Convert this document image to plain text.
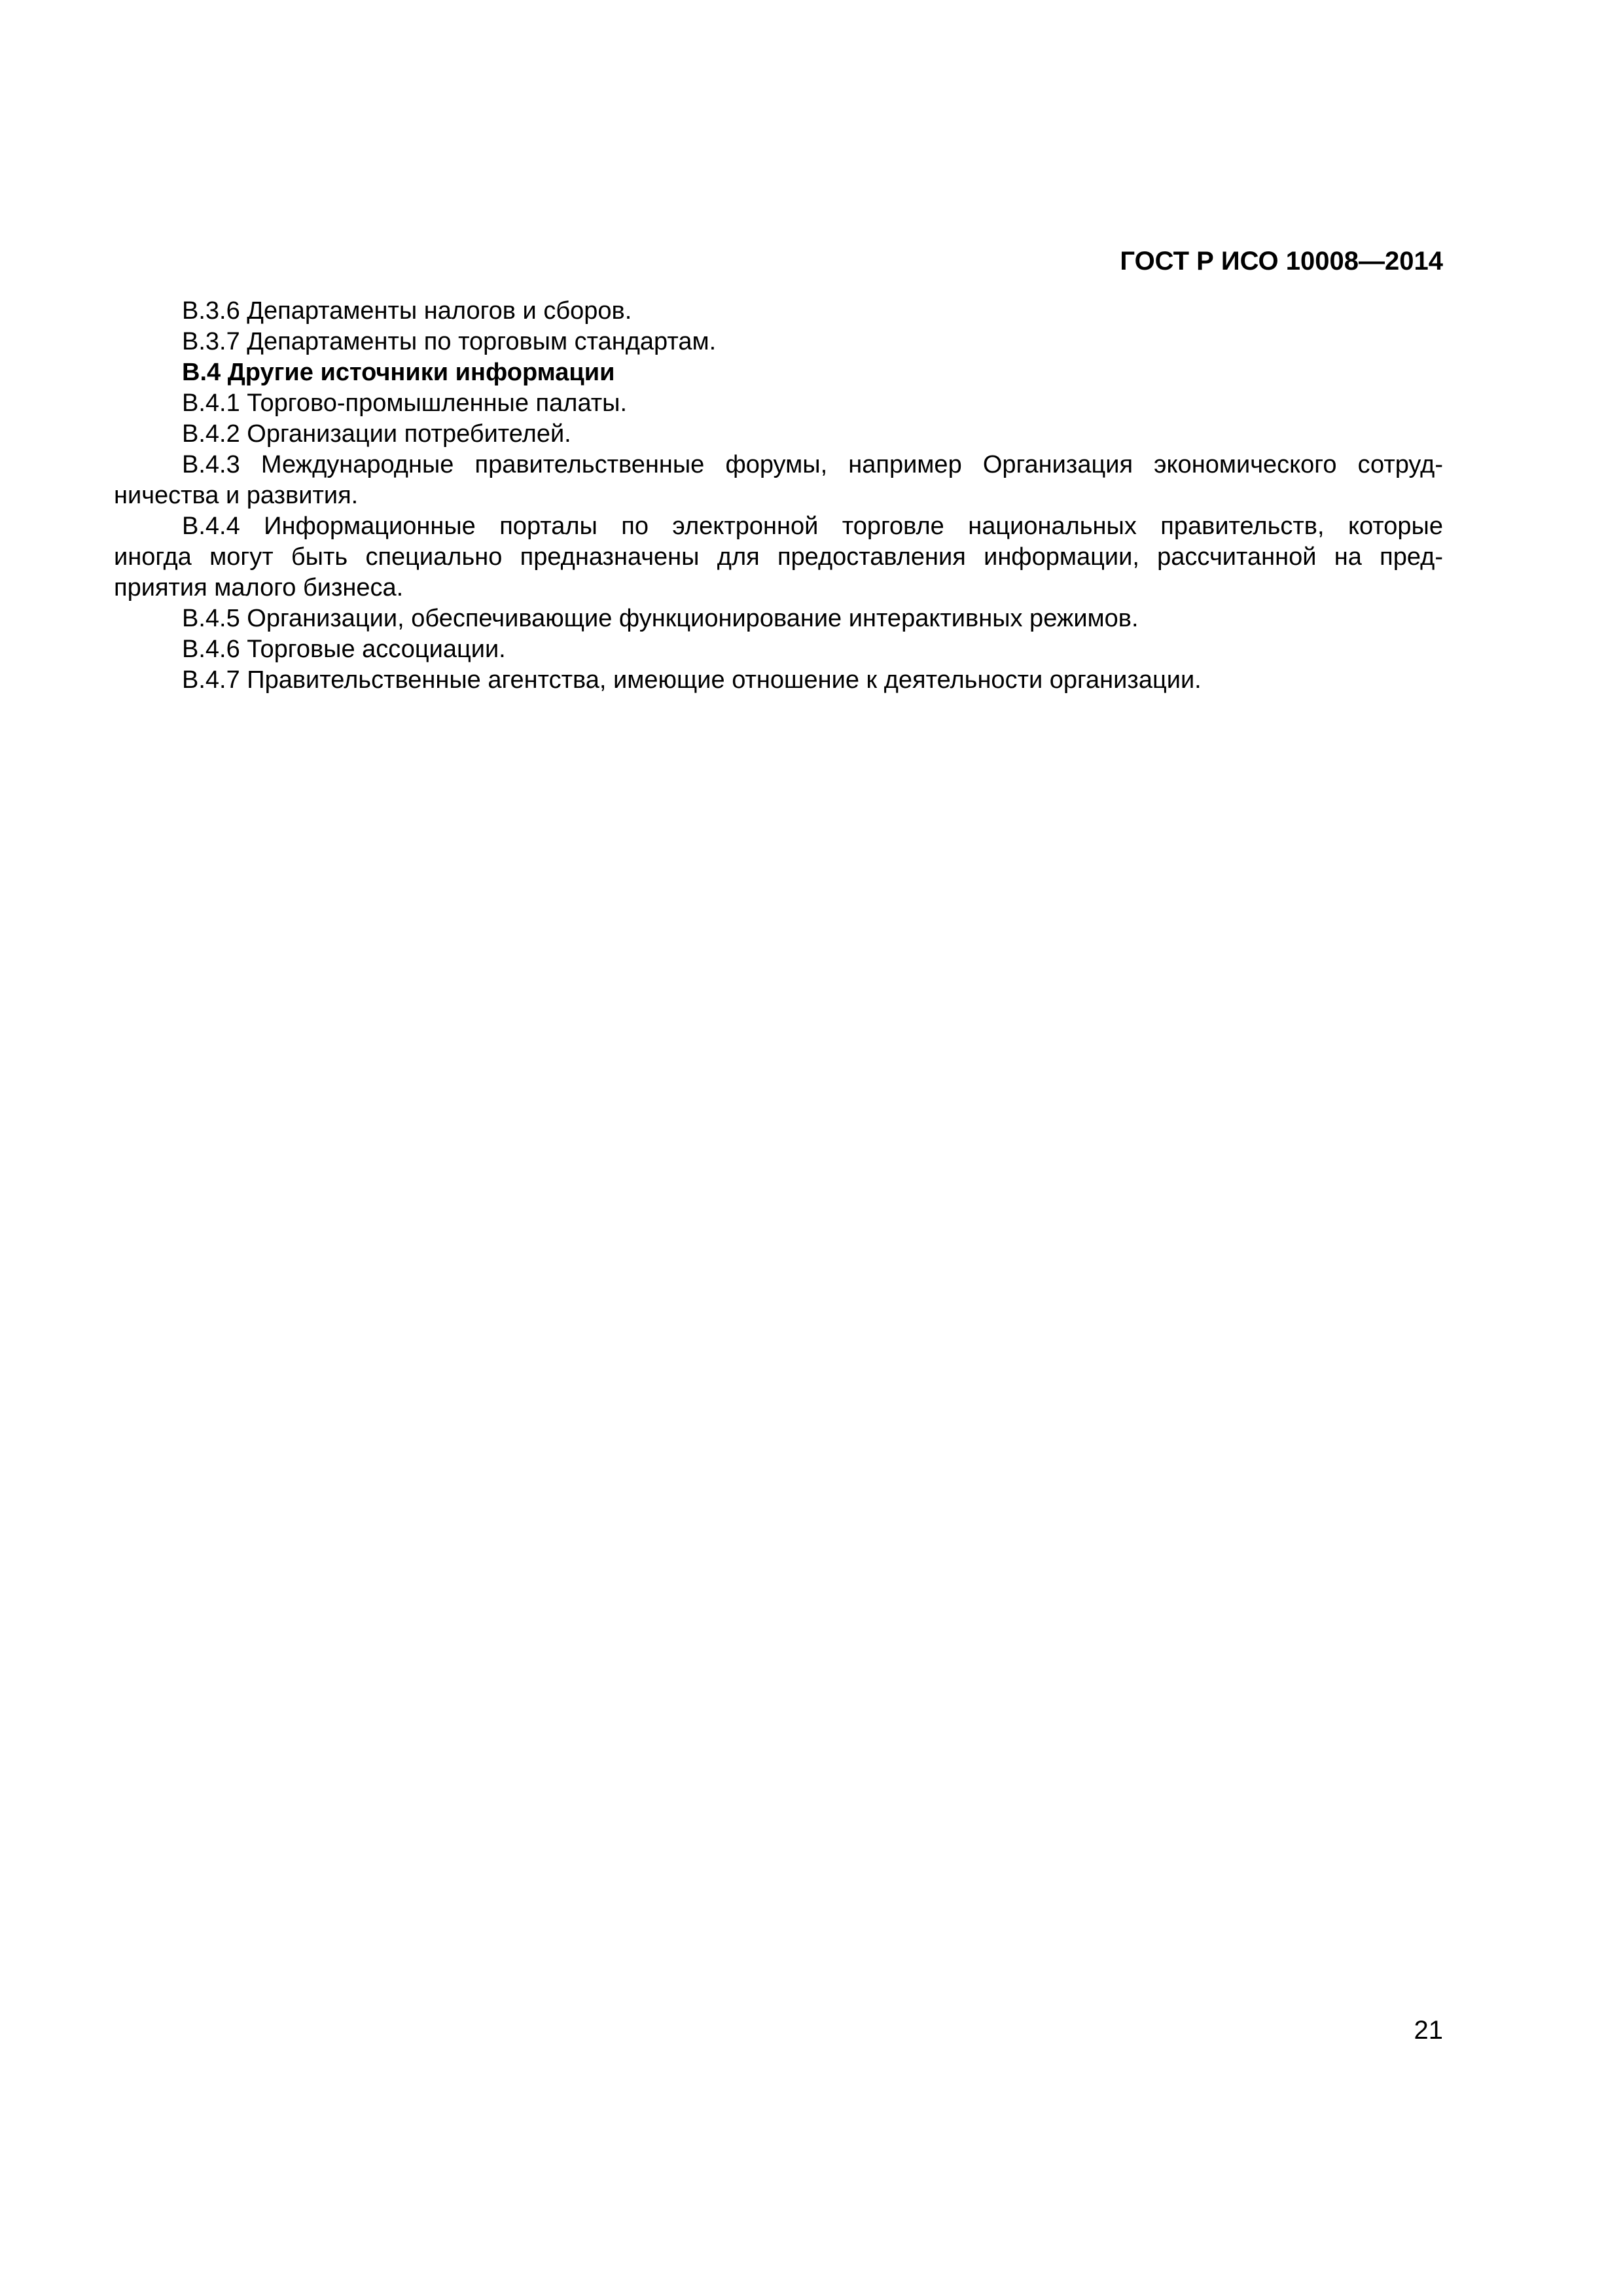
ГОСТ Р ИСО 10008—2014

В.3.6 Департаменты налогов и сборов.

В.3.7 Департаменты по торговым стандартам.

В.4 Другие источники информации

В.4.1 Торгово-промышленные палаты.

В.4.2 Организации потребителей.

В.4.3 Международные правительственные форумы, например Организация экономического сотруд-
ничества и развития.
В.4.4 Информационные порталы по электронной торговле национальных правительств, которые
иногда могут быть специально предназначены для предоставления информации, рассчитанной на пред-
приятия малого бизнеса.

В.4.5 Организации, обеспечивающие функционирование интерактивных режимов.

В.4.6 Торговые ассоциации.

В.4.7 Правительственные агентства, имеющие отношение к деятельности организации.

21
